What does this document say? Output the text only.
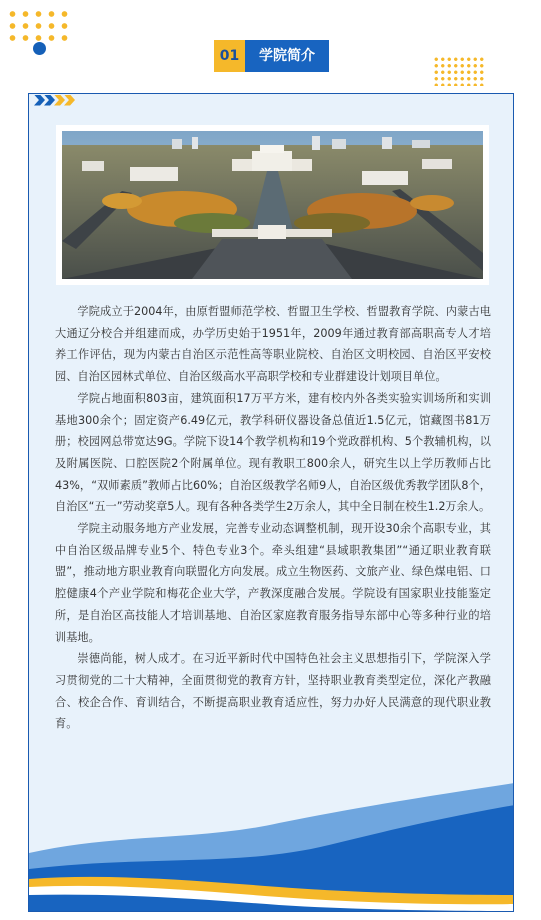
01	学院简介

学院成立于2004年，由原哲盟师范学校、哲盟卫生学校、哲盟教育学院、内蒙古电大通辽分校合并组建而成，办学历史始于1951年，2009年通过教育部高职高专人才培养工作评估，现为内蒙古自治区示范性高等职业院校、自治区文明校园、自治区平安校园、自治区园林式单位、自治区级高水平高职学校和专业群建设计划项目单位。

学院占地面积803亩，建筑面积17万平方米，建有校内外各类实验实训场所和实训基地300余个；固定资产6.49亿元，教学科研仪器设备总值近1.5亿元，馆藏图书81万册；校园网总带宽达9G。学院下设14个教学机构和19个党政群机构、5个教辅机构，以及附属医院、口腔医院2个附属单位。现有教职工800余人，研究生以上学历教师占比43%，“双师素质”教师占比60%；自治区级教学名师9人，自治区级优秀教学团队8个，自治区“五一”劳动奖章5人。现有各种各类学生2万余人，其中全日制在校生1.2万余人。

学院主动服务地方产业发展，完善专业动态调整机制，现开设30余个高职专业，其中自治区级品牌专业5个、特色专业3个。牵头组建“县域职教集团”“通辽职业教育联盟”，推动地方职业教育向联盟化方向发展。成立生物医药、文旅产业、绿色煤电铝、口腔健康4个产业学院和梅花企业大学，产教深度融合发展。学院设有国家职业技能鉴定所，是自治区高技能人才培训基地、自治区家庭教育服务指导东部中心等多种行业的培训基地。

崇德尚能，树人成才。在习近平新时代中国特色社会主义思想指引下，学院深入学习贯彻党的二十大精神，全面贯彻党的教育方针，坚持职业教育类型定位，深化产教融合、校企合作、育训结合，不断提高职业教育适应性，努力办好人民满意的现代职业教育。
